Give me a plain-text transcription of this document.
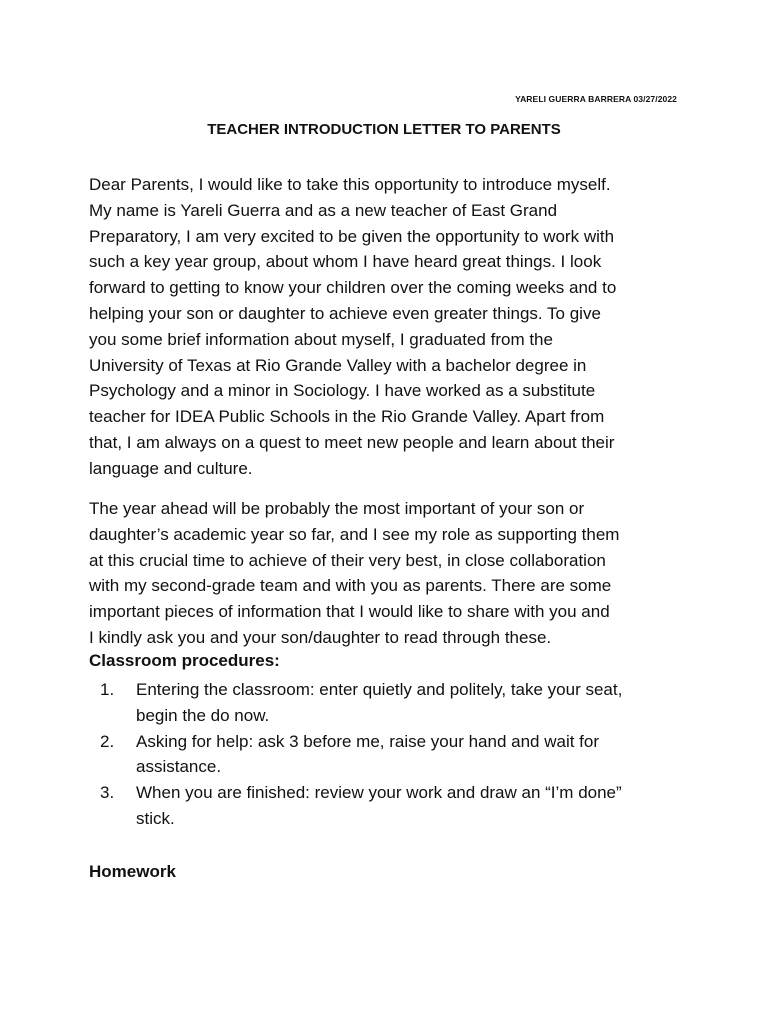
YARELI GUERRA BARRERA 03/27/2022
TEACHER INTRODUCTION LETTER TO PARENTS
Dear Parents, I would like to take this opportunity to introduce myself.
My name is Yareli Guerra and as a new teacher of East Grand
Preparatory, I am very excited to be given the opportunity to work with
such a key year group, about whom I have heard great things. I look
forward to getting to know your children over the coming weeks and to
helping your son or daughter to achieve even greater things. To give
you some brief information about myself, I graduated from the
University of Texas at Rio Grande Valley with a bachelor degree in
Psychology and a minor in Sociology. I have worked as a substitute
teacher for IDEA Public Schools in the Rio Grande Valley. Apart from
that, I am always on a quest to meet new people and learn about their
language and culture.
The year ahead will be probably the most important of your son or
daughter’s academic year so far, and I see my role as supporting them
at this crucial time to achieve of their very best, in close collaboration
with my second-grade team and with you as parents. There are some
important pieces of information that I would like to share with you and
I kindly ask you and your son/daughter to read through these.
Classroom procedures:
1. Entering the classroom: enter quietly and politely, take your seat,
begin the do now.
2. Asking for help: ask 3 before me, raise your hand and wait for
assistance.
3. When you are finished: review your work and draw an “I’m done”
stick.
Homework
